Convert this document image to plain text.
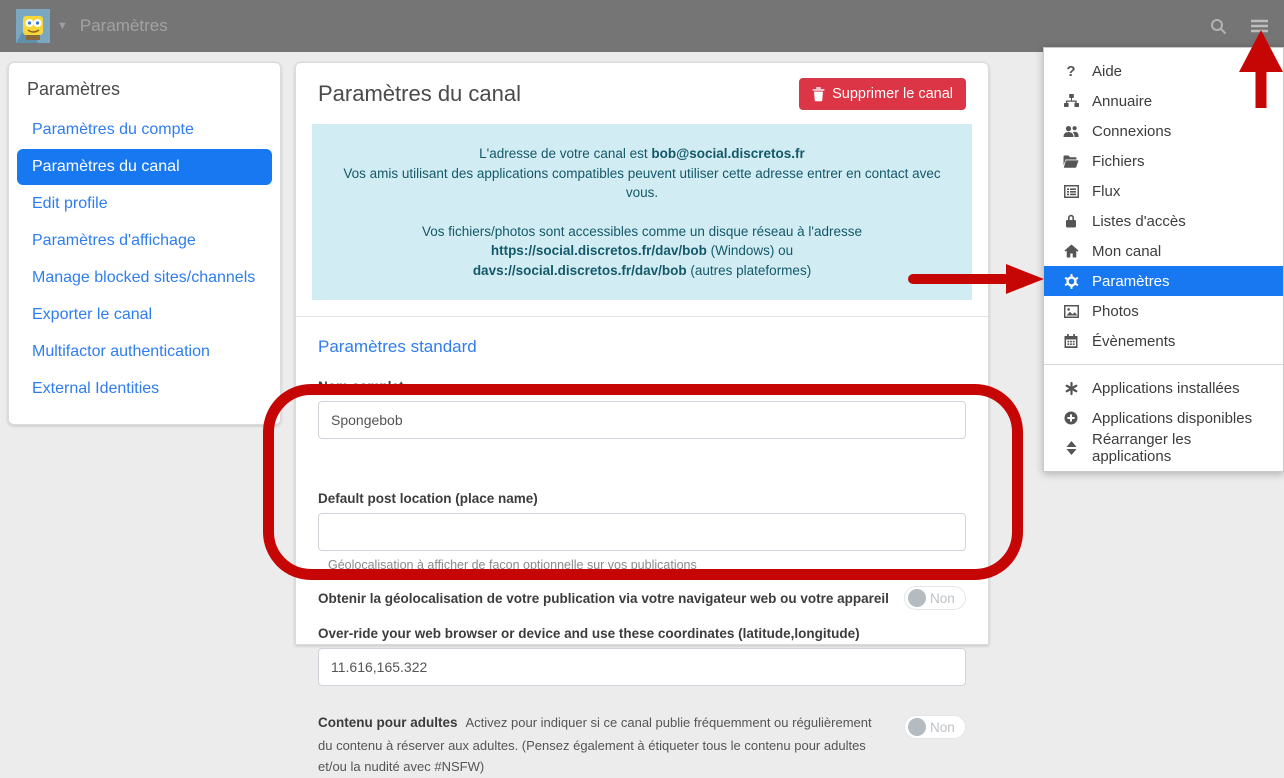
▼ Paramètres
Paramètres
Paramètres du compte
Paramètres du canal
Edit profile
Paramètres d'affichage
Manage blocked sites/channels
Exporter le canal
Multifactor authentication
External Identities
Paramètres du canal	Supprimer le canal
L'adresse de votre canal est bob@social.discretos.fr
Vos amis utilisant des applications compatibles peuvent utiliser cette adresse entrer en contact avec vous.
Vos fichiers/photos sont accessibles comme un disque réseau à l'adresse
https://social.discretos.fr/dav/bob (Windows) ou
davs://social.discretos.fr/dav/bob (autres plateformes)
Paramètres standard
Nom complet
Spongebob
Default post location (place name)
Géolocalisation à afficher de façon optionnelle sur vos publications
Obtenir la géolocalisation de votre publication via votre navigateur web ou votre appareil	Non
Over-ride your web browser or device and use these coordinates (latitude,longitude)
11.616,165.322
Contenu pour adultes Activez pour indiquer si ce canal publie fréquemment ou régulièrement du contenu à réserver aux adultes. (Pensez également à étiqueter tous le contenu pour adultes et/ou la nudité avec #NSFW)
Non
? Aide
Annuaire
Connexions
Fichiers
Flux
Listes d'accès
Mon canal
Paramètres
Photos
Évènements
Applications installées
Applications disponibles
Réarranger les applications
